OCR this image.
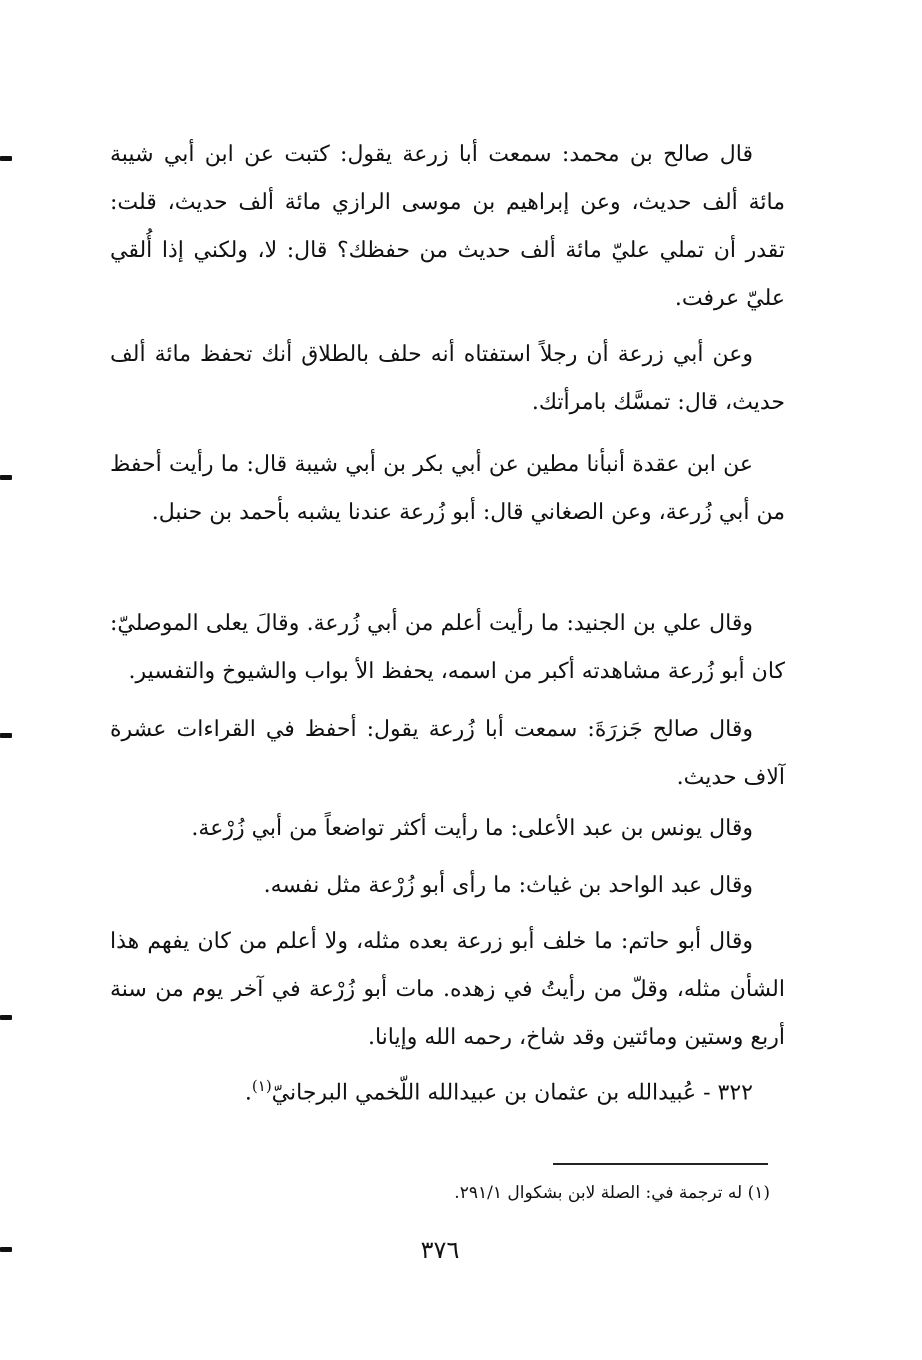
قال صالح بن محمد: سمعت أبا زرعة يقول: كتبت عن ابن أبي شيبة مائة ألف حديث، وعن إبراهيم بن موسى الرازي مائة ألف حديث، قلت: تقدر أن تملي عليّ مائة ألف حديث من حفظك؟ قال: لا، ولكني إذا أُلقي عليّ عرفت.

وعن أبي زرعة أن رجلاً استفتاه أنه حلف بالطلاق أنك تحفظ مائة ألف حديث، قال: تمسَّك بامرأتك.

عن ابن عقدة أنبأنا مطين عن أبي بكر بن أبي شيبة قال: ما رأيت أحفظ من أبي زُرعة، وعن الصغاني قال: أبو زُرعة عندنا يشبه بأحمد بن حنبل.

وقال علي بن الجنيد: ما رأيت أعلم من أبي زُرعة. وقالَ يعلى الموصليّ: كان أبو زُرعة مشاهدته أكبر من اسمه، يحفظ الأ بواب والشيوخ والتفسير.

وقال صالح جَزرَةَ: سمعت أبا زُرعة يقول: أحفظ في القراءات عشرة آلاف حديث.

وقال يونس بن عبد الأعلى: ما رأيت أكثر تواضعاً من أبي زُرْعة.

وقال عبد الواحد بن غياث: ما رأى أبو زُرْعة مثل نفسه.

وقال أبو حاتم: ما خلف أبو زرعة بعده مثله، ولا أعلم من كان يفهم هذا الشأن مثله، وقلّ من رأيتُ في زهده. مات أبو زُرْعة في آخر يوم من سنة أربع وستين ومائتين وقد شاخ، رحمه الله وإيانا.

٣٢٢ - عُبيدالله بن عثمان بن عبيدالله اللّخمي البرجانيّ$^{(١)}$.

(١) له ترجمة في: الصلة لابن بشكوال ٢٩١/١.

٣٧٦
